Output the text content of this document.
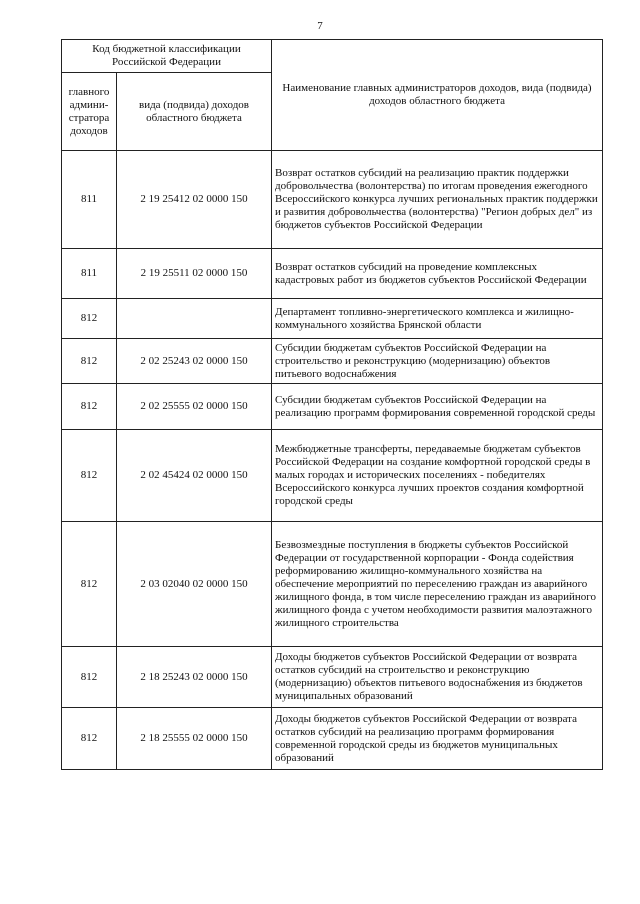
7
Код бюджетной классификации Российской Федерации		Наименование главных администраторов доходов, вида (подвида) доходов областного бюджета
главного админи-стратора доходов	вида (подвида) доходов областного бюджета	
811	2 19 25412 02 0000 150	Возврат остатков субсидий на реализацию практик поддержки добровольчества (волонтерства) по итогам проведения ежегодного Всероссийского конкурса лучших региональных практик поддержки и развития добровольчества (волонтерства) "Регион добрых дел" из бюджетов субъектов Российской Федерации
811	2 19 25511 02 0000 150	Возврат остатков субсидий на проведение комплексных кадастровых работ из бюджетов субъектов Российской Федерации
812		Департамент топливно-энергетического комплекса и жилищно-коммунального хозяйства Брянской области
812	2 02 25243 02 0000 150	Субсидии бюджетам субъектов Российской Федерации на строительство и реконструкцию (модернизацию) объектов питьевого водоснабжения
812	2 02 25555 02 0000 150	Субсидии бюджетам субъектов Российской Федерации на реализацию программ формирования современной городской среды
812	2 02 45424 02 0000 150	Межбюджетные трансферты, передаваемые бюджетам субъектов Российской Федерации на создание комфортной городской среды в малых городах и исторических поселениях - победителях Всероссийского конкурса лучших проектов создания комфортной городской среды
812	2 03 02040 02 0000 150	Безвозмездные поступления в бюджеты субъектов Российской Федерации от государственной корпорации - Фонда содействия реформированию жилищно-коммунального хозяйства на обеспечение мероприятий по переселению граждан из аварийного жилищного фонда, в том числе переселению граждан из аварийного жилищного фонда с учетом необходимости развития малоэтажного жилищного строительства
812	2 18 25243 02 0000 150	Доходы бюджетов субъектов Российской Федерации от возврата остатков субсидий на строительство и реконструкцию (модернизацию) объектов питьевого водоснабжения из бюджетов муниципальных образований
812	2 18 25555 02 0000 150	Доходы бюджетов субъектов Российской Федерации от возврата остатков субсидий на реализацию программ формирования современной городской среды из бюджетов муниципальных образований
